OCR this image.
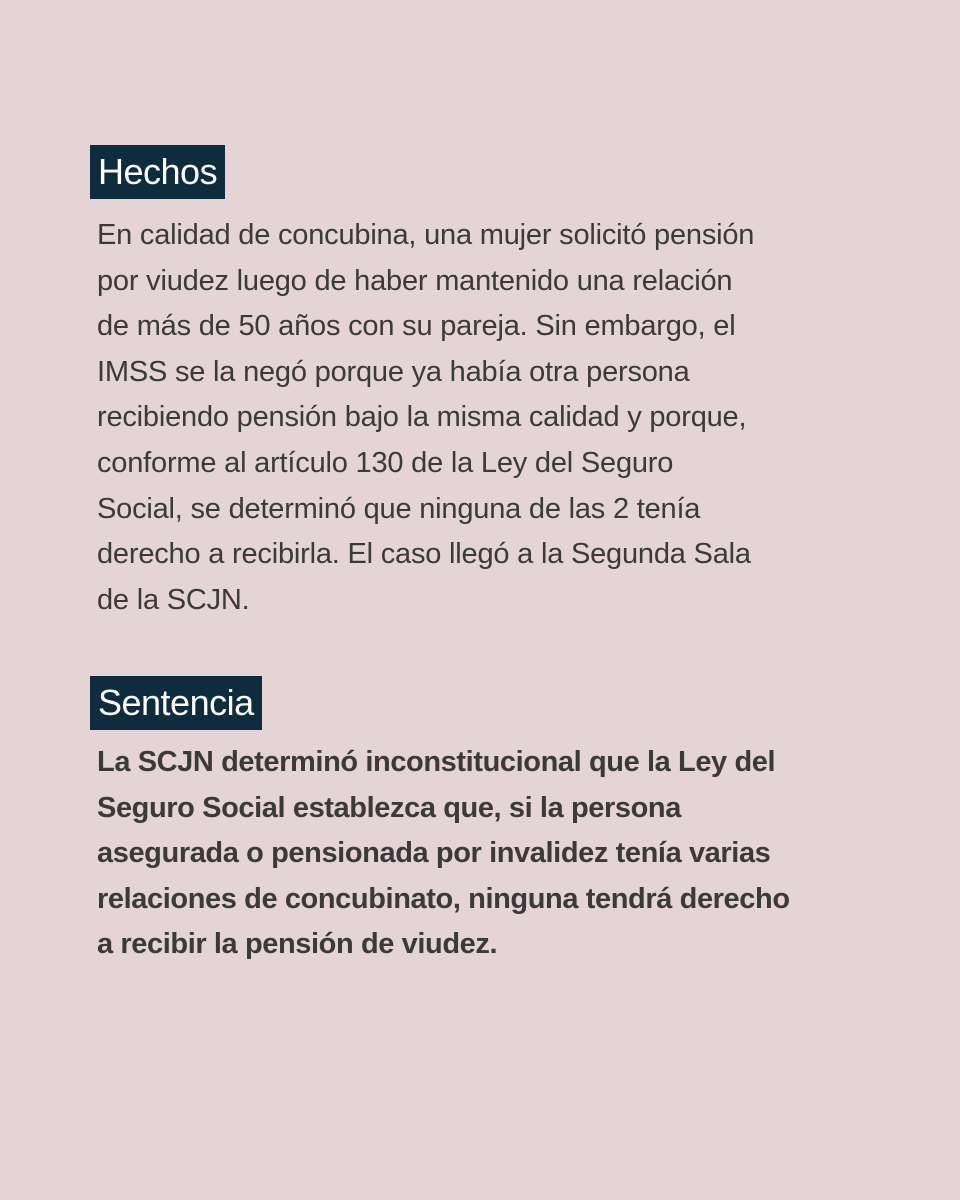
Hechos

En calidad de concubina, una mujer solicitó pensión
por viudez luego de haber mantenido una relación
de más de 50 años con su pareja. Sin embargo, el
IMSS se la negó porque ya había otra persona
recibiendo pensión bajo la misma calidad y porque,
conforme al artículo 130 de la Ley del Seguro
Social, se determinó que ninguna de las 2 tenía
derecho a recibirla. El caso llegó a la Segunda Sala
de la SCJN.

Sentencia

La SCJN determinó inconstitucional que la Ley del
Seguro Social establezca que, si la persona
asegurada o pensionada por invalidez tenía varias
relaciones de concubinato, ninguna tendrá derecho
a recibir la pensión de viudez.
